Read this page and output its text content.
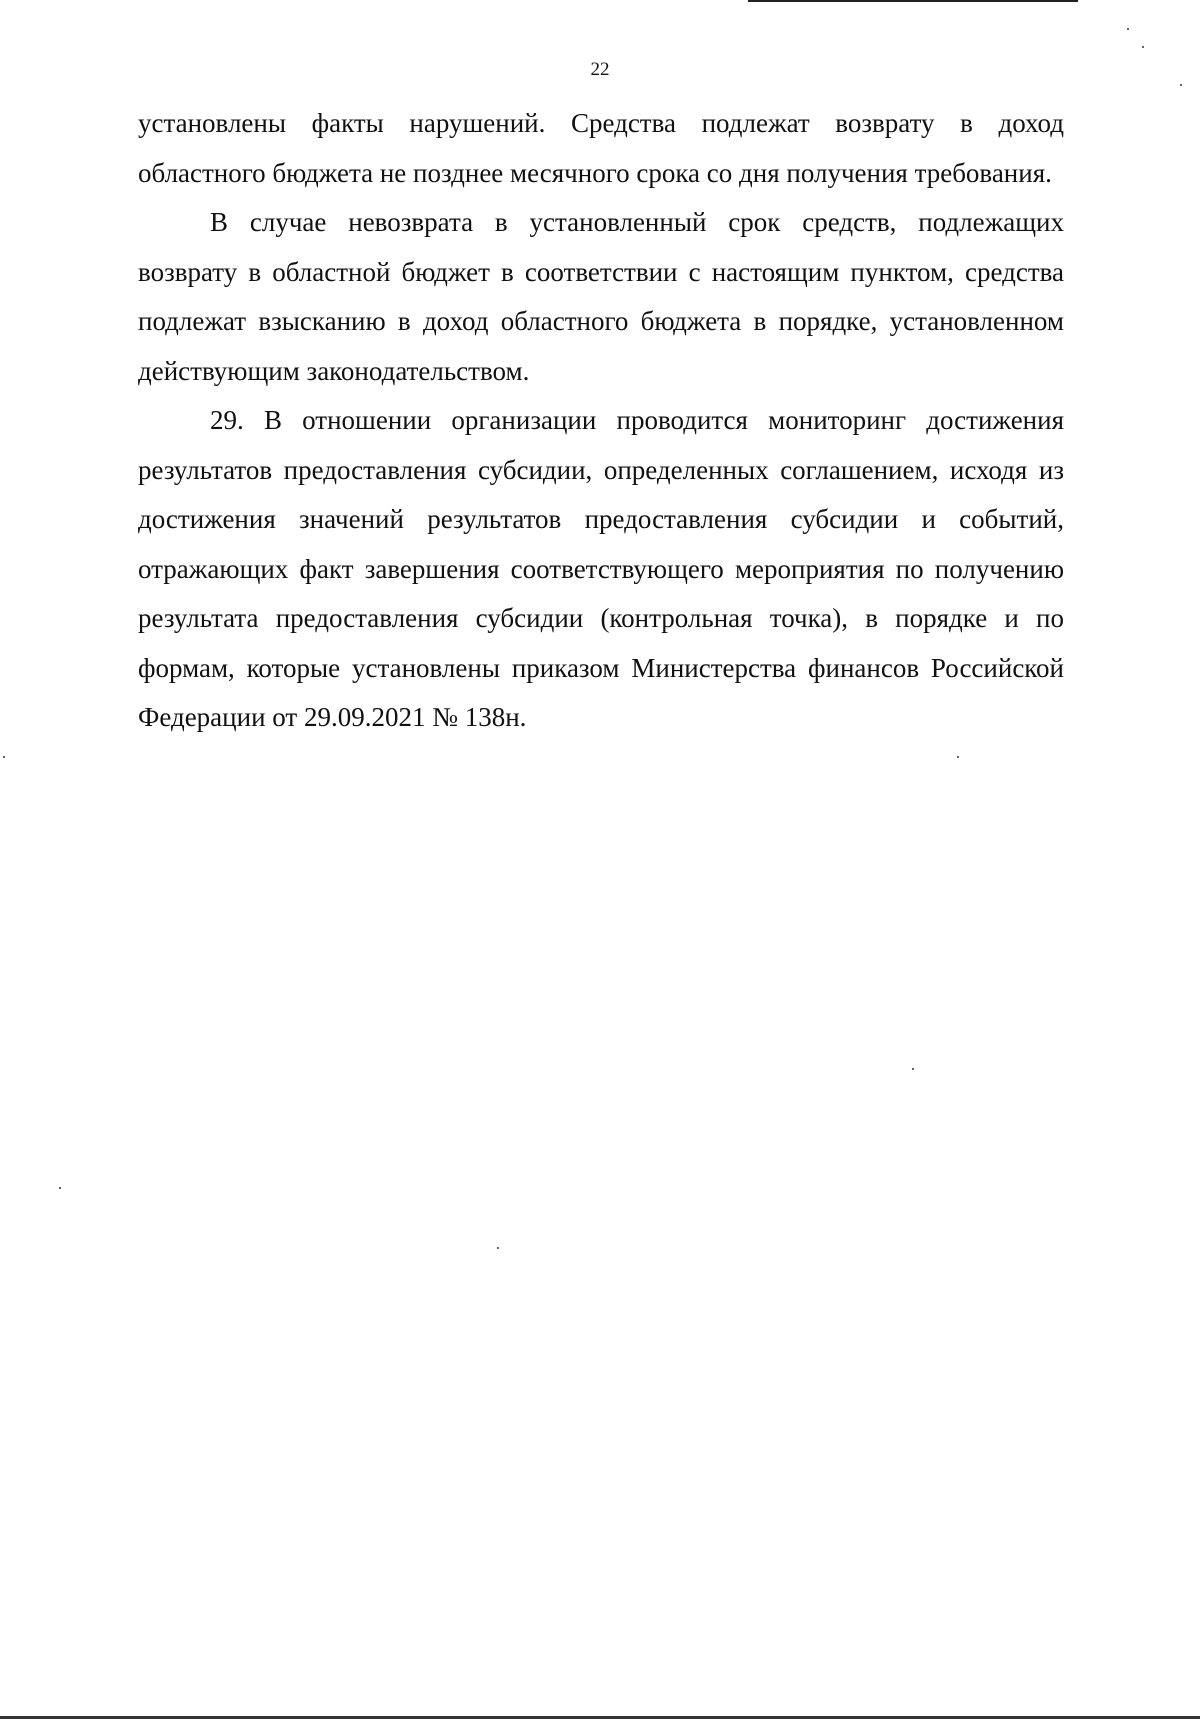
22

установлены факты нарушений. Средства подлежат возврату в доход областного бюджета не позднее месячного срока со дня получения требования.

В случае невозврата в установленный срок средств, подлежащих возврату в областной бюджет в соответствии с настоящим пунктом, средства подлежат взысканию в доход областного бюджета в порядке, установленном действующим законодательством.

29. В отношении организации проводится мониторинг достижения результатов предоставления субсидии, определенных соглашением, исходя из достижения значений результатов предоставления субсидии и событий, отражающих факт завершения соответствующего мероприятия по получению результата предоставления субсидии (контрольная точка), в порядке и по формам, которые установлены приказом Министерства финансов Российской Федерации от 29.09.2021 № 138н.
